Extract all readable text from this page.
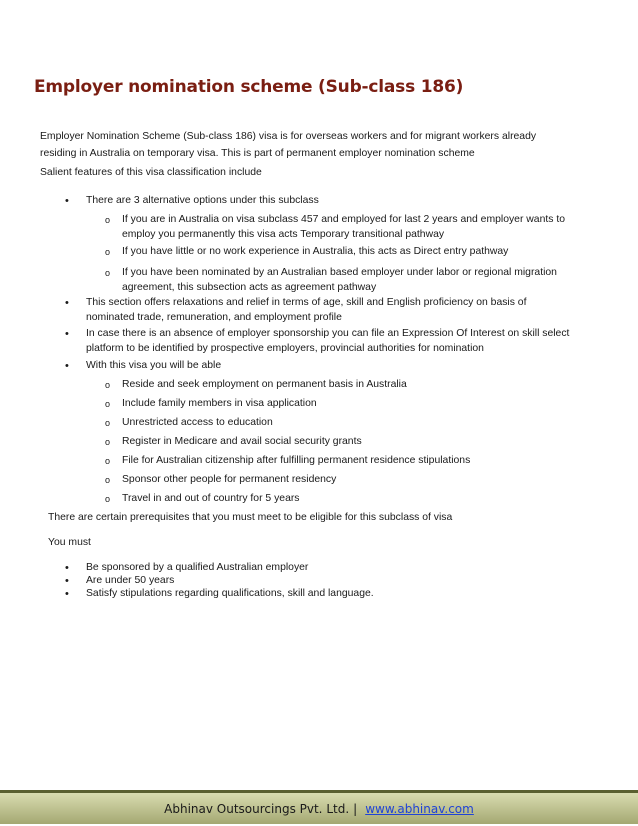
Employer nomination scheme (Sub-class 186)

Employer Nomination Scheme (Sub-class 186) visa is for overseas workers and for migrant workers already
residing in Australia on temporary visa. This is part of permanent employer nomination scheme

Salient features of this visa classification include

• There are 3 alternative options under this subclass

o If you are in Australia on visa subclass 457 and employed for last 2 years and employer wants to
employ you permanently this visa acts Temporary transitional pathway

o If you have little or no work experience in Australia, this acts as Direct entry pathway

o If you have been nominated by an Australian based employer under labor or regional migration
agreement, this subsection acts as agreement pathway

• This section offers relaxations and relief in terms of age, skill and English proficiency on basis of
nominated trade, remuneration, and employment profile

• In case there is an absence of employer sponsorship you can file an Expression Of Interest on skill select
platform to be identified by prospective employers, provincial authorities for nomination

• With this visa you will be able

o Reside and seek employment on permanent basis in Australia

o Include family members in visa application

o Unrestricted access to education

o Register in Medicare and avail social security grants

o File for Australian citizenship after fulfilling permanent residence stipulations

o Sponsor other people for permanent residency

o Travel in and out of country for 5 years

There are certain prerequisites that you must meet to be eligible for this subclass of visa

You must

• Be sponsored by a qualified Australian employer

• Are under 50 years

• Satisfy stipulations regarding qualifications, skill and language.

Abhinav Outsourcings Pvt. Ltd. | www.abhinav.com
